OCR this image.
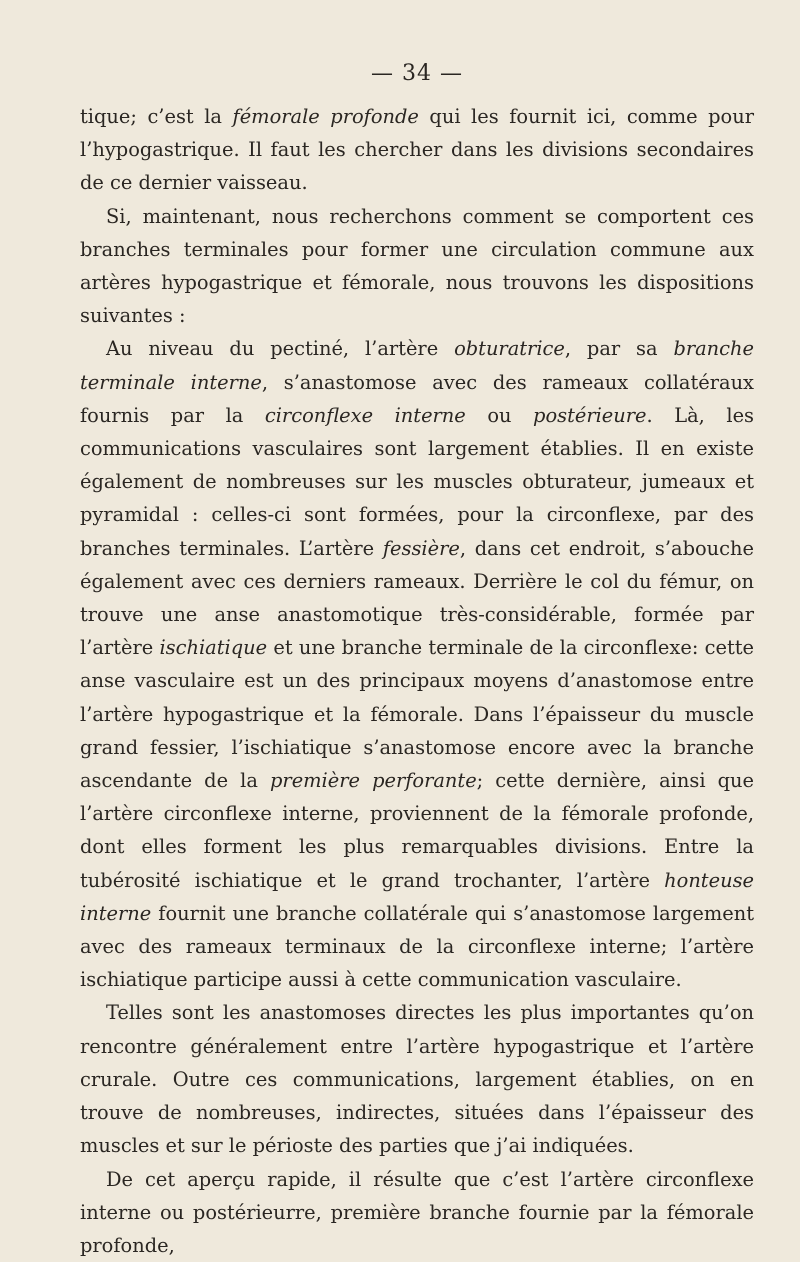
— 34 —

tique; c’est la fémorale profonde qui les fournit ici, comme pour l’hypogastrique. Il faut les chercher dans les divisions secondaires de ce dernier vaisseau.

Si, maintenant, nous recherchons comment se comportent ces branches terminales pour former une circulation commune aux artères hypogastrique et fémorale, nous trouvons les dispositions suivantes :

Au niveau du pectiné, l’artère obturatrice, par sa branche terminale interne, s’anastomose avec des rameaux collatéraux fournis par la circonflexe interne ou postérieure. Là, les communications vasculaires sont largement établies. Il en existe également de nombreuses sur les muscles obturateur, jumeaux et pyramidal : celles-ci sont formées, pour la circonflexe, par des branches terminales. L’artère fessière, dans cet endroit, s’abouche également avec ces derniers rameaux. Derrière le col du fémur, on trouve une anse anastomotique très-considérable, formée par l’artère ischiatique et une branche terminale de la circonflexe: cette anse vasculaire est un des principaux moyens d’anastomose entre l’artère hypogastrique et la fémorale. Dans l’épaisseur du muscle grand fessier, l’ischiatique s’anastomose encore avec la branche ascendante de la première perforante; cette dernière, ainsi que l’artère circonflexe interne, proviennent de la fémorale profonde, dont elles forment les plus remarquables divisions. Entre la tubérosité ischiatique et le grand trochanter, l’artère honteuse interne fournit une branche collatérale qui s’anastomose largement avec des rameaux terminaux de la circonflexe interne; l’artère ischiatique participe aussi à cette communication vasculaire.

Telles sont les anastomoses directes les plus importantes qu’on rencontre généralement entre l’artère hypogastrique et l’artère crurale. Outre ces communications, largement établies, on en trouve de nombreuses, indirectes, situées dans l’épaisseur des muscles et sur le périoste des parties que j’ai indiquées.

De cet aperçu rapide, il résulte que c’est l’artère circonflexe interne ou postérieurre, première branche fournie par la fémorale profonde,
